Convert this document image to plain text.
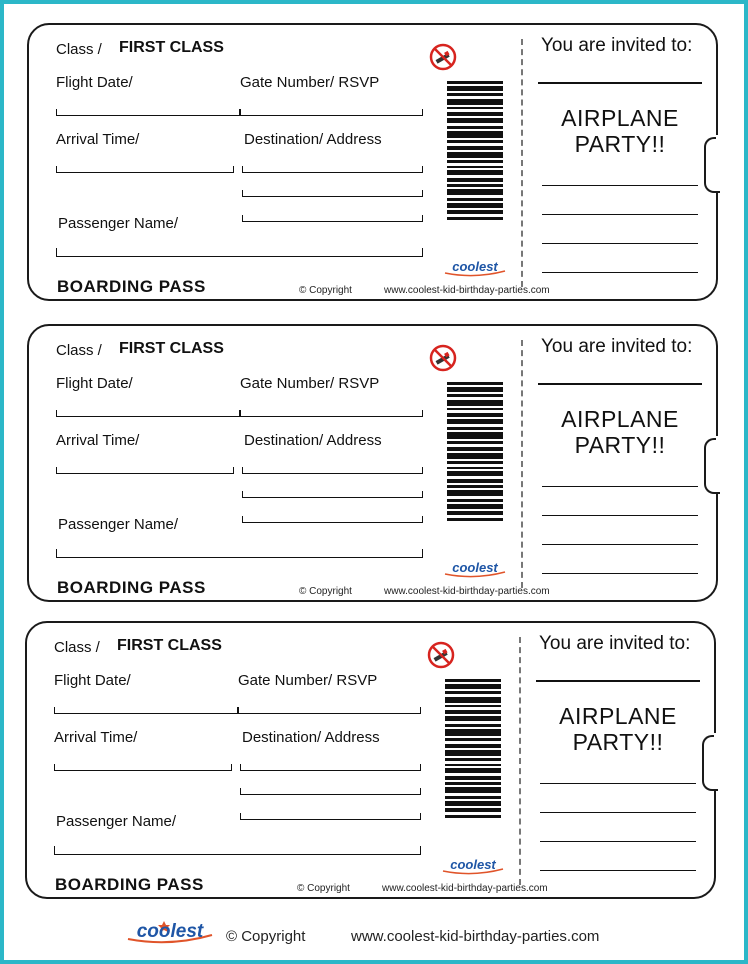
Class / FIRST CLASS
Flight Date/	Gate Number/ RSVP
Arrival Time/	Destination/ Address
Passenger Name/
BOARDING PASS	© Copyright	www.coolest-kid-birthday-parties.com
coolest
You are invited to:
AIRPLANE
PARTY!!
Class / FIRST CLASS
Flight Date/	Gate Number/ RSVP
Arrival Time/	Destination/ Address
Passenger Name/
BOARDING PASS	© Copyright	www.coolest-kid-birthday-parties.com
coolest
You are invited to:
AIRPLANE
PARTY!!
Class / FIRST CLASS
Flight Date/	Gate Number/ RSVP
Arrival Time/	Destination/ Address
Passenger Name/
BOARDING PASS	© Copyright	www.coolest-kid-birthday-parties.com
coolest
You are invited to:
AIRPLANE
PARTY!!
coolest © Copyright	www.coolest-kid-birthday-parties.com
